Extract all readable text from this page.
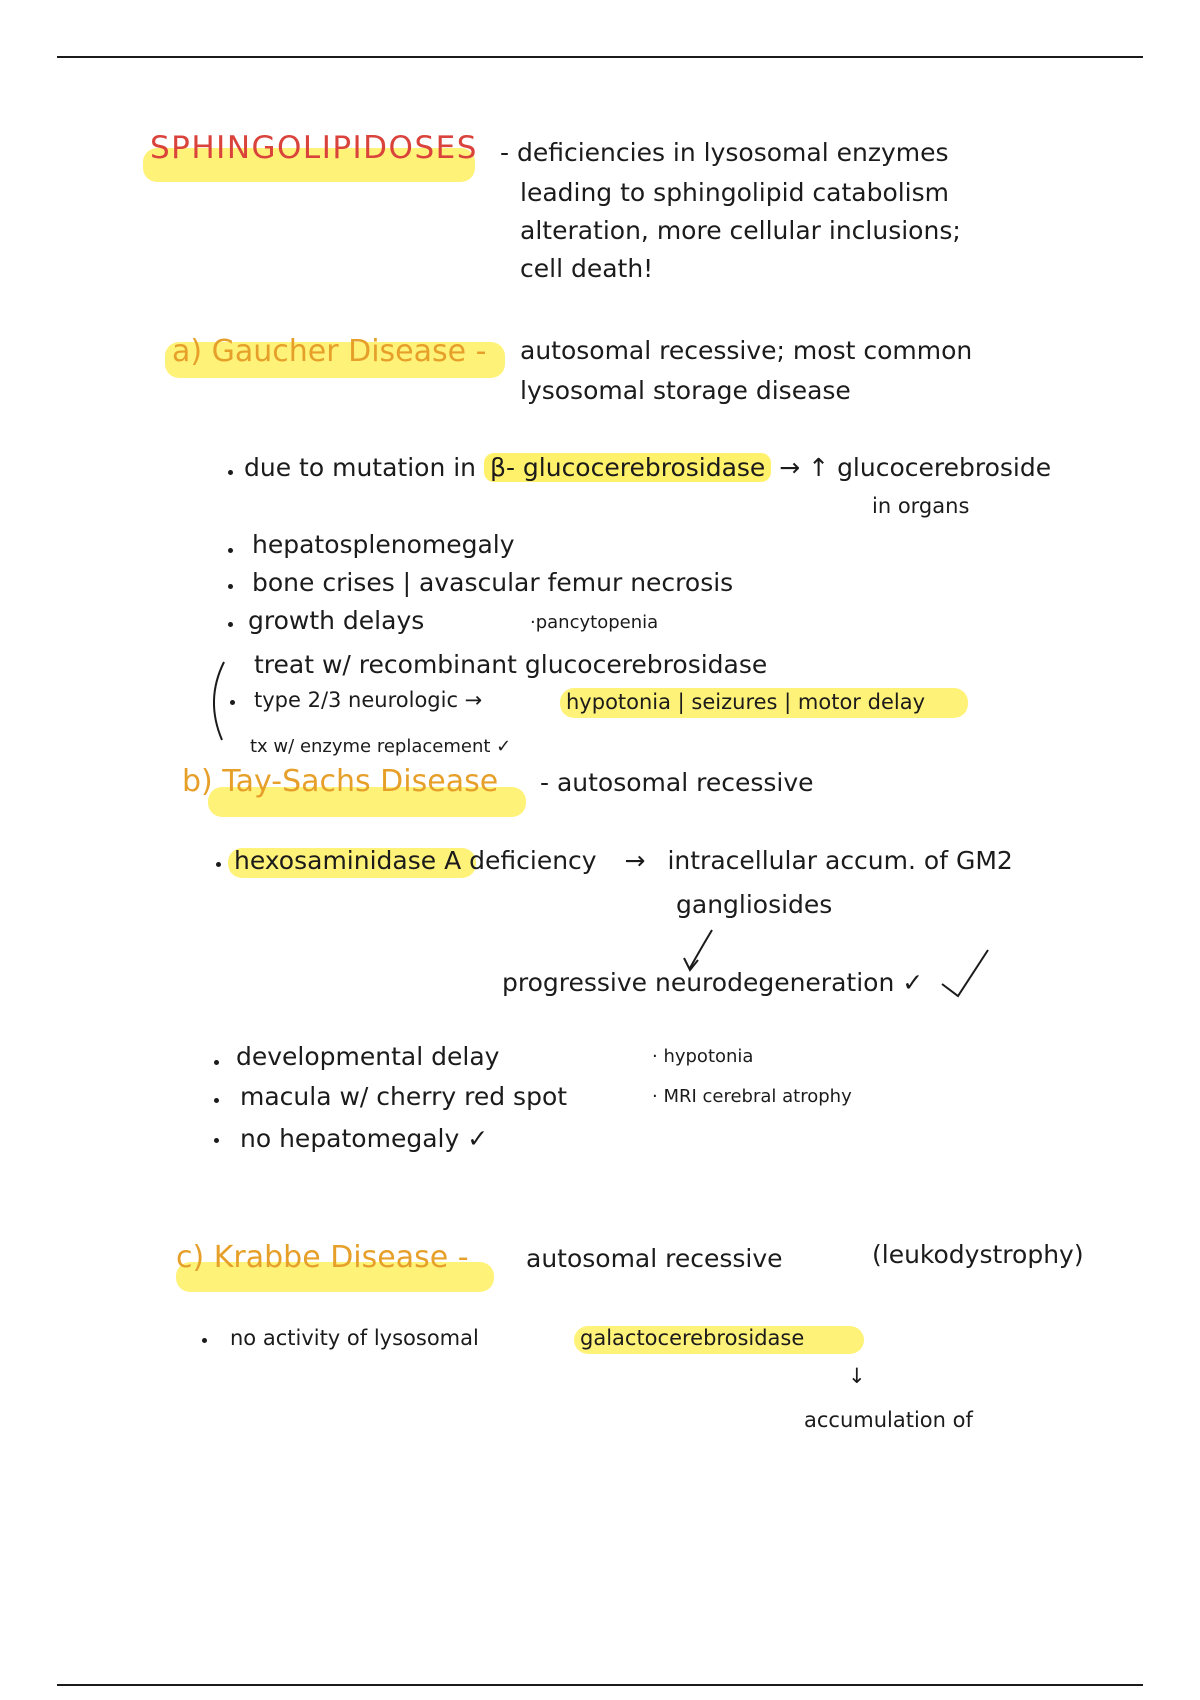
SPHINGOLIPIDOSES - deficiencies in lysosomal enzymes
leading to sphingolipid catabolism
alteration, more cellular inclusions;
cell death!
a) Gaucher Disease - autosomal recessive; most common
lysosomal storage disease
due to mutation in β- glucocerebrosidase → ↑ glucocerebroside
in organs
hepatosplenomegaly
bone crises | avascular femur necrosis
growth delays	·pancytopenia
treat w/ recombinant glucocerebrosidase
type 2/3 neurologic →	hypotonia | seizures | motor delay
tx w/ enzyme replacement ✓
b) Tay-Sachs Disease - autosomal recessive
hexosaminidase A deficiency → intracellular accum. of GM2
gangliosides
progressive neurodegeneration ✓
developmental delay
macula w/ cherry red spot
no hepatomegaly ✓
· hypotonia
· MRI cerebral atrophy
c) Krabbe Disease - autosomal recessive	(leukodystrophy)
no activity of lysosomal	galactocerebrosidase
↓
accumulation of
